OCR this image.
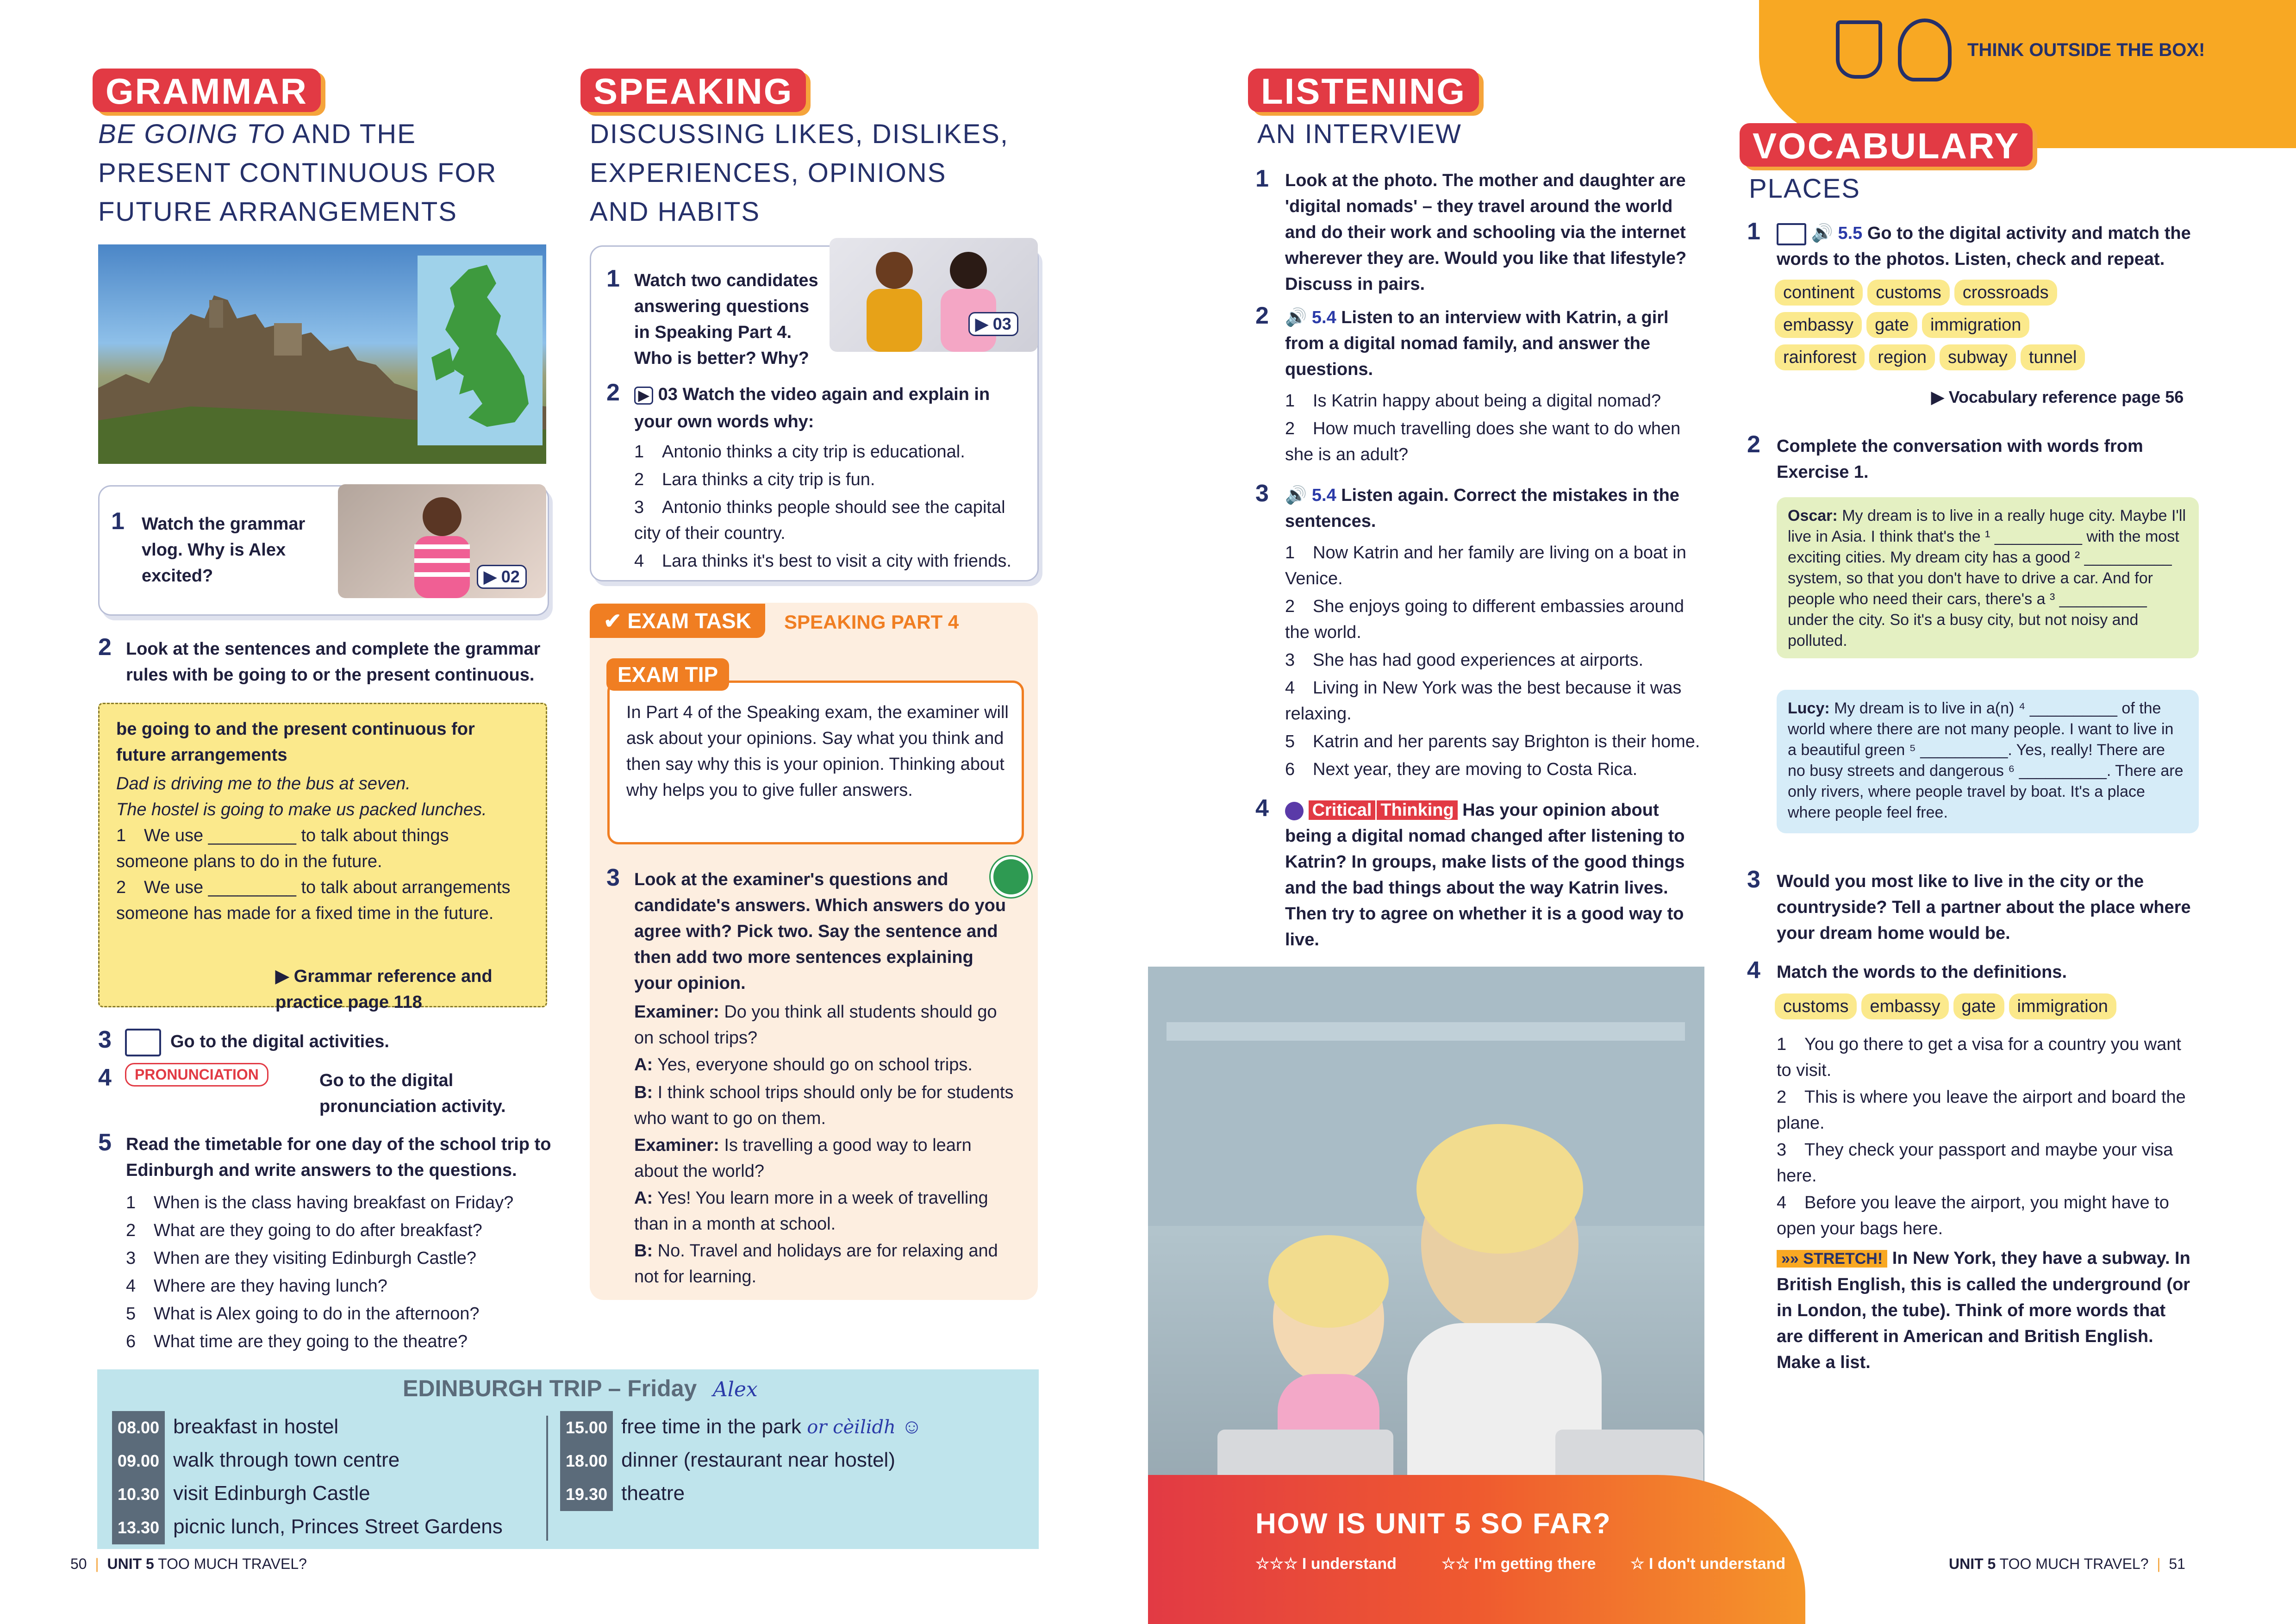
GRAMMAR
BE GOING TO AND THE
PRESENT CONTINUOUS FOR
FUTURE ARRANGEMENTS
1 Watch the grammar vlog. Why is Alex excited?	▶ 02
2 Look at the sentences and complete the grammar rules with be going to or the present continuous.
be going to and the present continuous for future arrangements
Dad is driving me to the bus at seven.
The hostel is going to make us packed lunches.
1 We use _________ to talk about things someone plans to do in the future.
2 We use _________ to talk about arrangements someone has made for a fixed time in the future.
▶ Grammar reference and practice page 118
3	Go to the digital activities.
4	PRONUNCIATION	Go to the digital pronunciation activity.
5 Read the timetable for one day of the school trip to Edinburgh and write answers to the questions.
1 When is the class having breakfast on Friday?
2 What are they going to do after breakfast?
3 When are they visiting Edinburgh Castle?
4 Where are they having lunch?
5 What is Alex going to do in the afternoon?
6 What time are they going to the theatre?
EDINBURGH TRIP – Friday Alex
08.00 breakfast in hostel
09.00 walk through town centre
10.30 visit Edinburgh Castle
13.30 picnic lunch, Princes Street Gardens
15.00 free time in the park or cèilidh ☺
18.00 dinner (restaurant near hostel)
19.30 theatre
SPEAKING
DISCUSSING LIKES, DISLIKES,
EXPERIENCES, OPINIONS
AND HABITS
▶ 03
1 Watch two candidates answering questions in Speaking Part 4. Who is better? Why?
2	▶ 03 Watch the video again and explain in your own words why:
1 Antonio thinks a city trip is educational.
2 Lara thinks a city trip is fun.
3 Antonio thinks people should see the capital city of their country.
4 Lara thinks it's best to visit a city with friends.
✔ EXAM TASK	SPEAKING PART 4
In Part 4 of the Speaking exam, the examiner will ask about your opinions. Say what you think and then say why this is your opinion. Thinking about why helps you to give fuller answers.
EXAM TIP
3 Look at the examiner's questions and candidate's answers. Which answers do you agree with? Pick two. Say the sentence and then add two more sentences explaining your opinion.
Examiner: Do you think all students should go on school trips?
A: Yes, everyone should go on school trips.
B: I think school trips should only be for students who want to go on them.
Examiner: Is travelling a good way to learn about the world?
A: Yes! You learn more in a week of travelling than in a month at school.
B: No. Travel and holidays are for relaxing and not for learning.
50  |  UNIT 5 TOO MUCH TRAVEL?
THINK OUTSIDE THE BOX!
LISTENING
AN INTERVIEW
1 Look at the photo. The mother and daughter are 'digital nomads' – they travel around the world and do their work and schooling via the internet wherever they are. Would you like that lifestyle? Discuss in pairs.
2 🔊 5.4 Listen to an interview with Katrin, a girl from a digital nomad family, and answer the questions.
1 Is Katrin happy about being a digital nomad?
2 How much travelling does she want to do when she is an adult?
3 🔊 5.4 Listen again. Correct the mistakes in the sentences.
1 Now Katrin and her family are living on a boat in Venice.
2 She enjoys going to different embassies around the world.
3 She has had good experiences at airports.
4 Living in New York was the best because it was relaxing.
5 Katrin and her parents say Brighton is their home.
6 Next year, they are moving to Costa Rica.
4	Critical Thinking Has your opinion about being a digital nomad changed after listening to Katrin? In groups, make lists of the good things and the bad things about the way Katrin lives. Then try to agree on whether it is a good way to live.
HOW IS UNIT 5 SO FAR?
☆☆☆ I understand	☆☆ I'm getting there ☆ I don't understand
VOCABULARY
PLACES
1	🔊 5.5 Go to the digital activity and match the words to the photos. Listen, check and repeat.
continent customs crossroads
embassy gate immigration
rainforest region subway tunnel
▶ Vocabulary reference page 56
2 Complete the conversation with words from Exercise 1.
Oscar: My dream is to live in a really huge city. Maybe I'll live in Asia. I think that's the ¹ __________ with the most exciting cities. My dream city has a good ² __________ system, so that you don't have to drive a car. And for people who need their cars, there's a ³ __________ under the city. So it's a busy city, but not noisy and polluted.
Lucy: My dream is to live in a(n) ⁴ __________ of the world where there are not many people. I want to live in a beautiful green ⁵ __________. Yes, really! There are no busy streets and dangerous ⁶ __________. There are only rivers, where people travel by boat. It's a place where people feel free.
3 Would you most like to live in the city or the countryside? Tell a partner about the place where your dream home would be.
4 Match the words to the definitions.
customs embassy gate immigration
1 You go there to get a visa for a country you want to visit.
2 This is where you leave the airport and board the plane.
3 They check your passport and maybe your visa here.
4 Before you leave the airport, you might have to open your bags here.
»» STRETCH! In New York, they have a subway. In British English, this is called the underground (or in London, the tube). Think of more words that are different in American and British English. Make a list.
UNIT 5 TOO MUCH TRAVEL?  |  51
